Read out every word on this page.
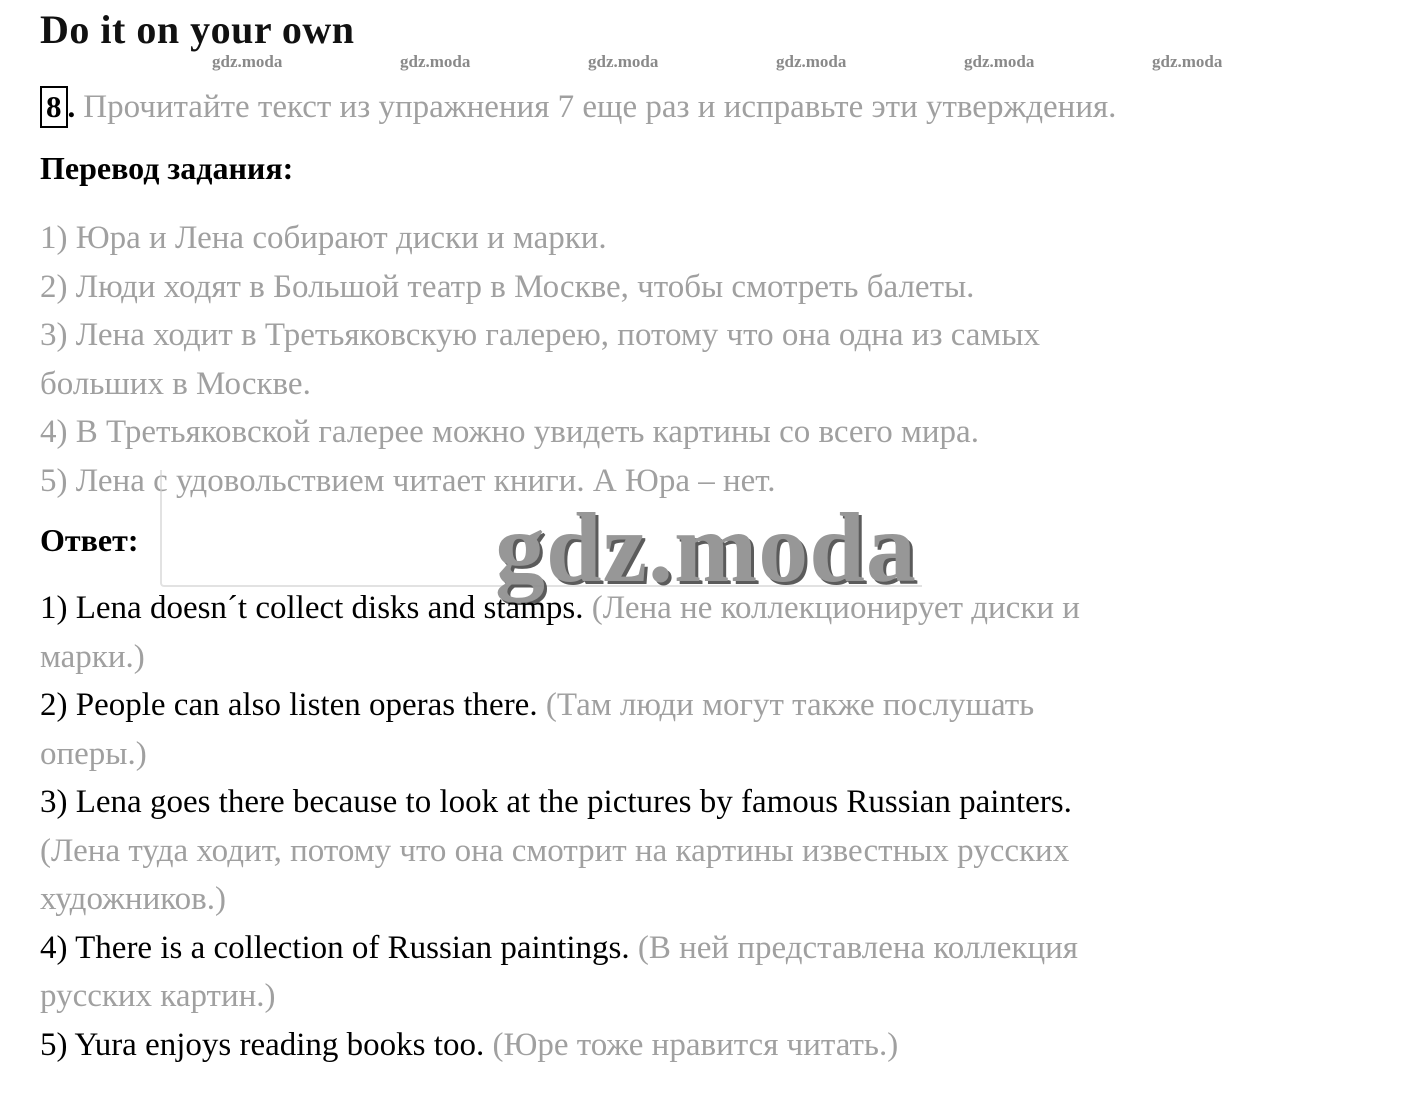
Do it on your own
gdz.moda	gdz.moda	gdz.moda	gdz.moda	gdz.moda	gdz.moda
8 . Прочитайте текст из упражнения 7 еще раз и исправьте эти утверждения.
Перевод задания:
1) Юра и Лена собирают диски и марки.
2) Люди ходят в Большой театр в Москве, чтобы смотреть балеты.
3) Лена ходит в Третьяковскую галерею, потому что она одна из самых
больших в Москве.
4) В Третьяковской галерее можно увидеть картины со всего мира.
5) Лена с удовольствием читает книги. А Юра – нет.
Ответ:	gdz.moda
1) Lena doesn´t collect disks and stamps. (Лена не коллекционирует диски и
марки.)
2) People can also listen operas there. (Там люди могут также послушать
оперы.)
3) Lena goes there because to look at the pictures by famous Russian painters.
(Лена туда ходит, потому что она смотрит на картины известных русских
художников.)
4) There is a collection of Russian paintings. (В ней представлена коллекция
русских картин.)
5) Yura enjoys reading books too. (Юре тоже нравится читать.)
